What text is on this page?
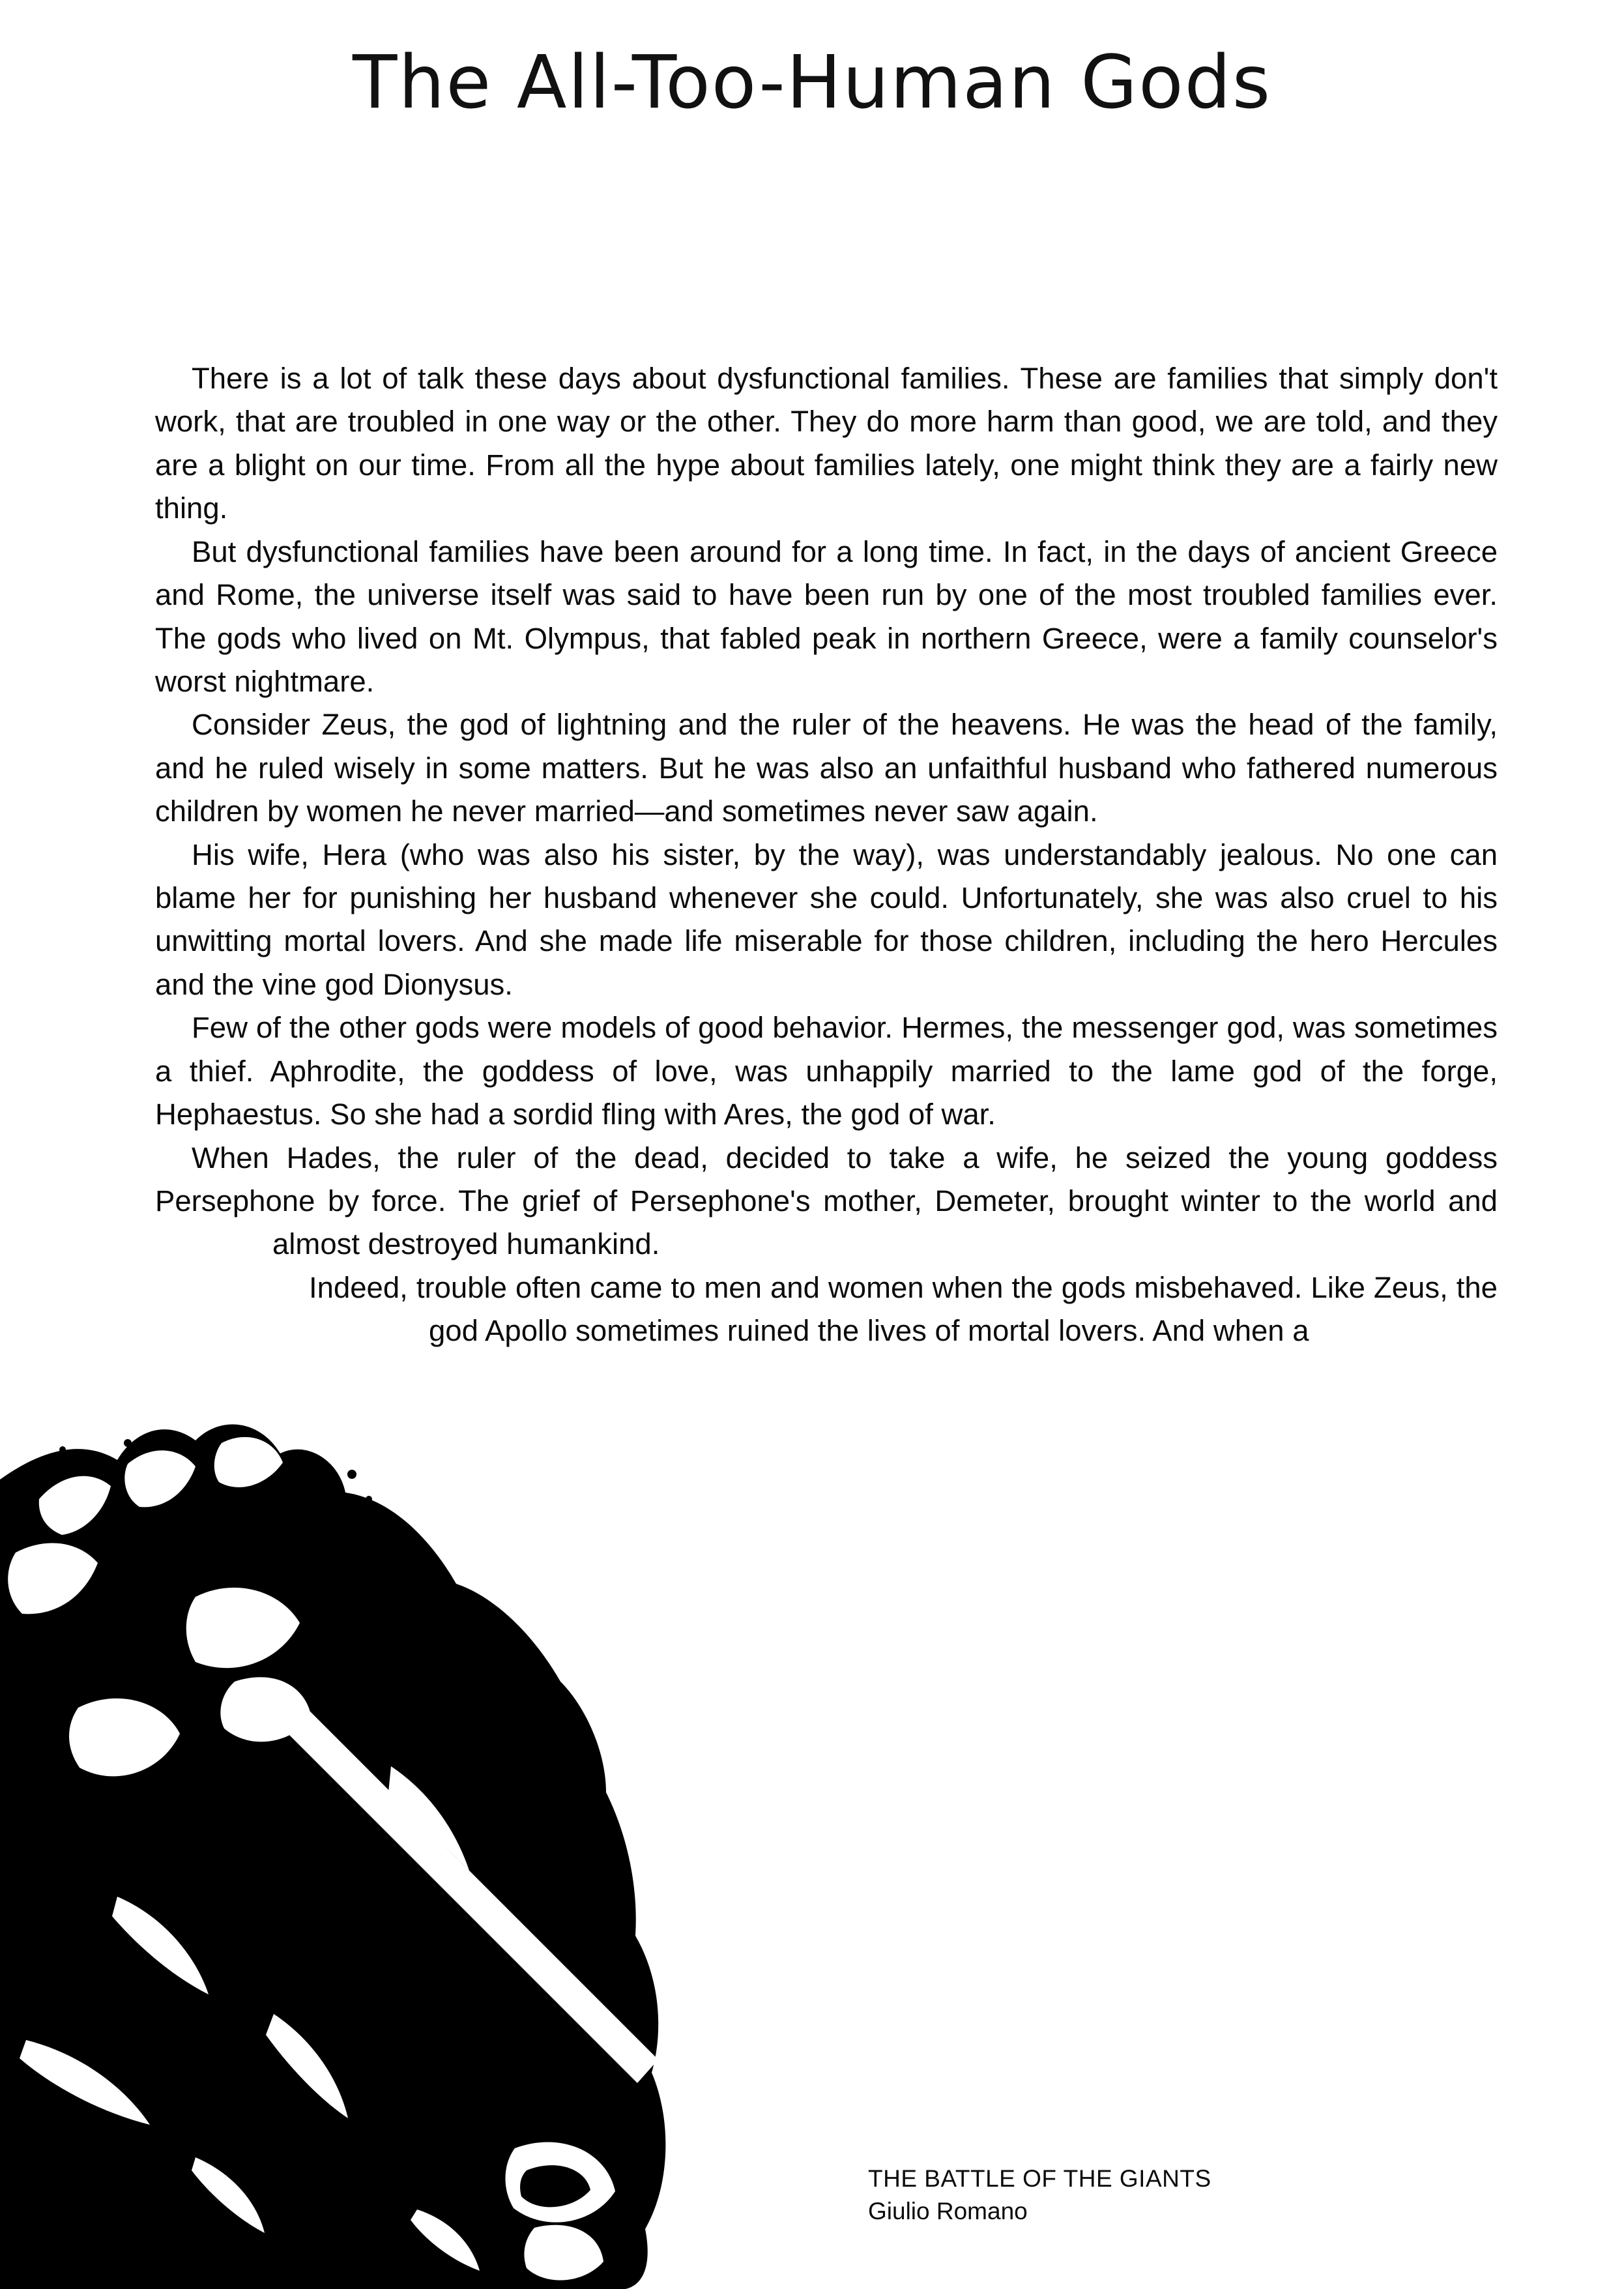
The All-Too-Human Gods

There is a lot of talk these days about dysfunctional families. These are families that simply don't work, that are troubled in one way or the other. They do more harm than good, we are told, and they are a blight on our time. From all the hype about families lately, one might think they are a fairly new thing.

But dysfunctional families have been around for a long time. In fact, in the days of ancient Greece and Rome, the universe itself was said to have been run by one of the most troubled families ever. The gods who lived on Mt. Olympus, that fabled peak in northern Greece, were a family counselor's worst nightmare.

Consider Zeus, the god of lightning and the ruler of the heavens. He was the head of the family, and he ruled wisely in some matters. But he was also an unfaithful husband who fathered numerous children by women he never married—and sometimes never saw again.

His wife, Hera (who was also his sister, by the way), was understandably jealous. No one can blame her for punishing her husband whenever she could. Unfortunately, she was also cruel to his unwitting mortal lovers. And she made life miserable for those children, including the hero Hercules and the vine god Dionysus.

Few of the other gods were models of good behavior. Hermes, the messenger god, was sometimes a thief. Aphrodite, the goddess of love, was unhappily married to the lame god of the forge, Hephaestus. So she had a sordid fling with Ares, the god of war.

When Hades, the ruler of the dead, decided to take a wife, he seized the young goddess Persephone by force. The grief of Persephone's mother, Demeter, brought winter to the world and almost destroyed humankind.

Indeed, trouble often came to men and women when the gods misbehaved. Like Zeus, the god Apollo sometimes ruined the lives of mortal lovers. And when a

THE BATTLE OF THE GIANTS
Giulio Romano
